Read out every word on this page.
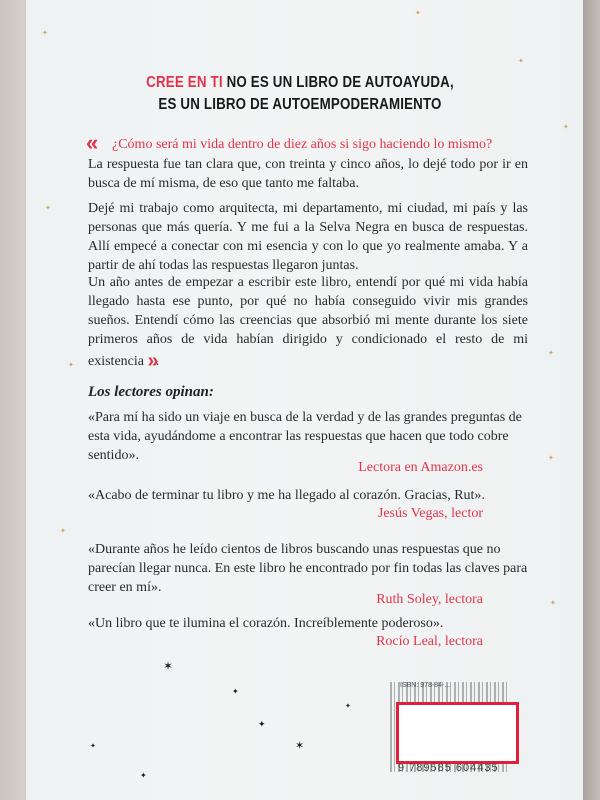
✦
✦
✦
✦
✦
✦
✦
✦
✦
✦
✶
✦
✦
✶
✦
✦
✦
CREE EN TI NO ES UN LIBRO DE AUTOAYUDA,
ES UN LIBRO DE AUTOEMPODERAMIENTO
« ¿Cómo será mi vida dentro de diez años si sigo haciendo lo mismo?
La respuesta fue tan clara que, con treinta y cinco años, lo dejé todo por ir en busca de mí misma, de eso que tanto me faltaba.
Dejé mi trabajo como arquitecta, mi departamento, mi ciudad, mi país y las personas que más quería. Y me fui a la Selva Negra en busca de respuestas. Allí empecé a conectar con mi esencia y con lo que yo realmente amaba. Y a partir de ahí todas las respuestas llegaron juntas.
Un año antes de empezar a escribir este libro, entendí por qué mi vida había llegado hasta ese punto, por qué no había conseguido vivir mis grandes sueños. Entendí cómo las creencias que absorbió mi mente durante los siete primeros años de vida habían dirigido y condicionado el resto de mi existencia ».
Los lectores opinan:
«Para mí ha sido un viaje en busca de la verdad y de las grandes preguntas de esta vida, ayudándome a encontrar las respuestas que hacen que todo cobre sentido».
Lectora en Amazon.es
«Acabo de terminar tu libro y me ha llegado al corazón. Gracias, Rut».
Jesús Vegas, lector
«Durante años he leído cientos de libros buscando unas respuestas que no parecían llegar nunca. En este libro he encontrado por fin todas las claves para creer en mí».
Ruth Soley, lectora
«Un libro que te ilumina el corazón. Increíblemente poderoso».
Rocío Leal, lectora
ISBN: 978-84-...
9 789585 604435
